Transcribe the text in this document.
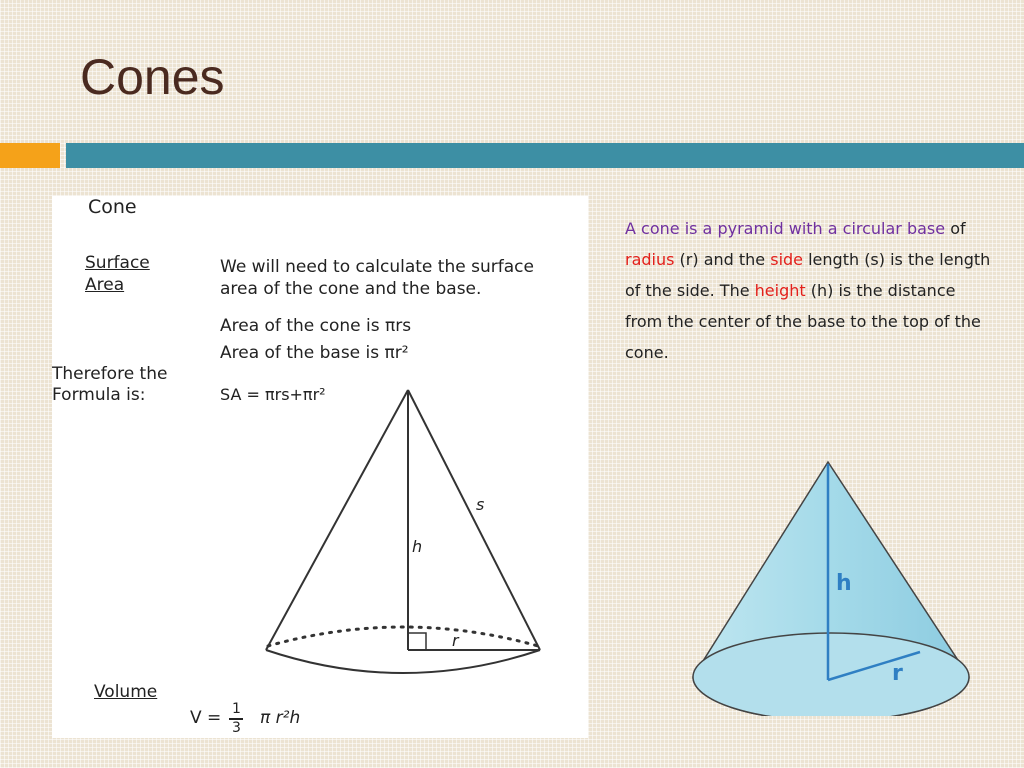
Cones
Cone
Surface
Area
We will need to calculate the surface
area of the cone and the base.
Area of the cone is πrs
Area of the base is πr²
Therefore the
Formula is:	SA = πrs+πr²
h
r
s
Volume
V = 1
3 π r²h

A cone is a pyramid with a circular base of radius (r) and the side length (s) is the length of the side. The height (h) is the distance from the center of the base to the top of the cone.

h
r
